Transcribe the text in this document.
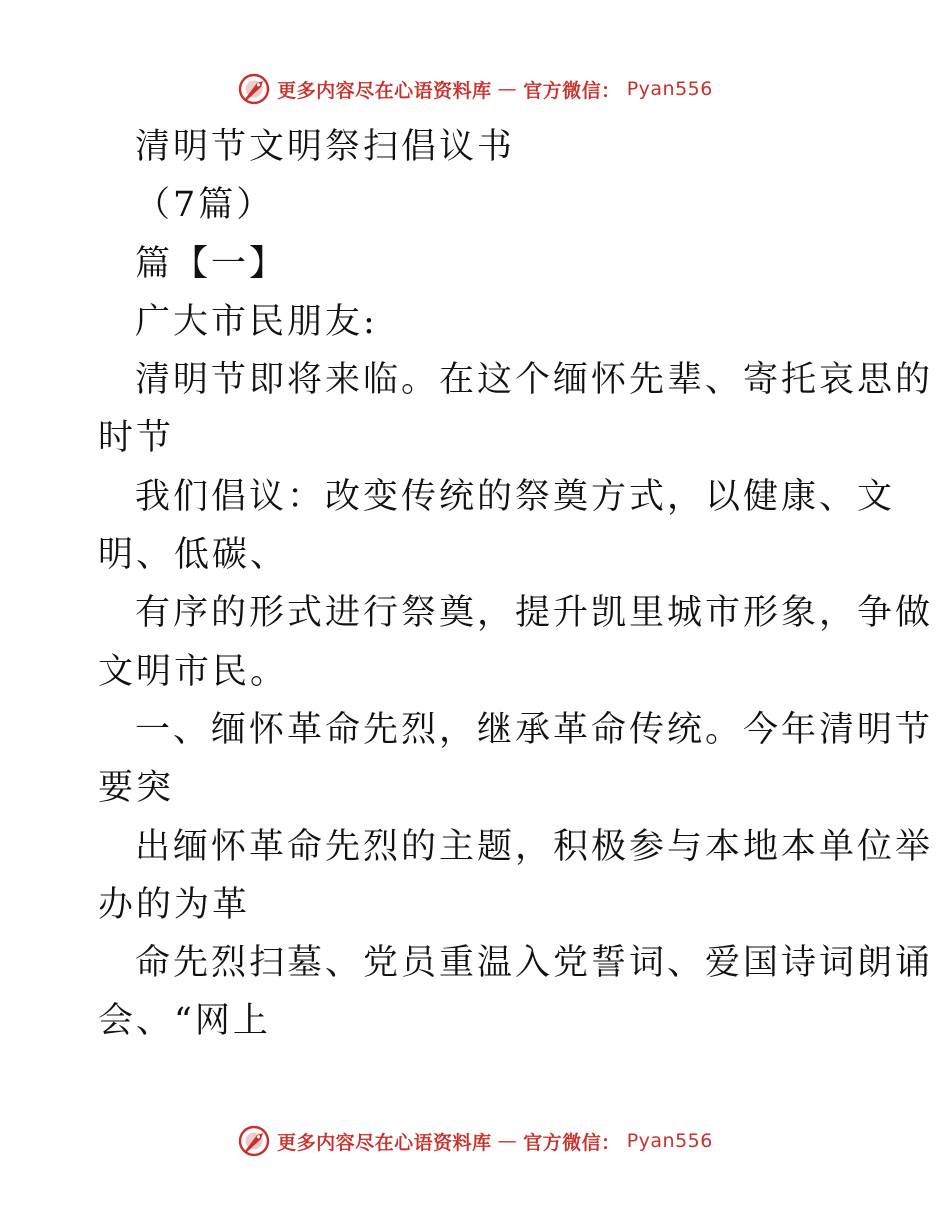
更多内容尽在心语资料库 — 官方微信： Pyan556

清明节文明祭扫倡议书

（7篇）

篇【一】

广大市民朋友:

清明节即将来临。在这个缅怀先辈、寄托哀思的

时节

我们倡议：改变传统的祭奠方式，以健康、文

明、低碳、

有序的形式进行祭奠，提升凯里城市形象，争做

文明市民。

一、缅怀革命先烈，继承革命传统。今年清明节

要突

出缅怀革命先烈的主题，积极参与本地本单位举

办的为革

命先烈扫墓、党员重温入党誓词、爱国诗词朗诵

会、“网上

更多内容尽在心语资料库 — 官方微信： Pyan556
